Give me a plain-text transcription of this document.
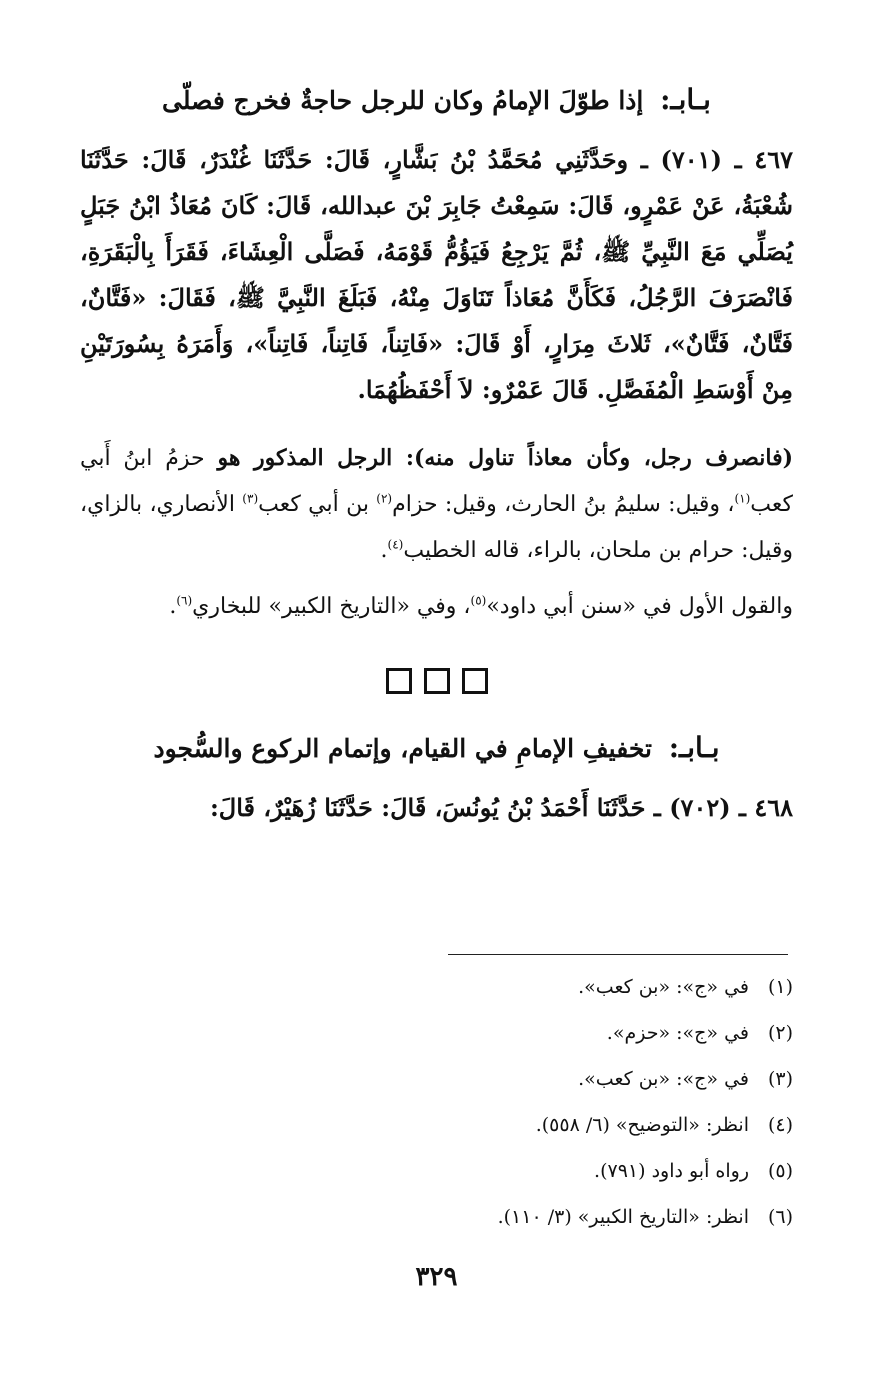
بـابـ: إذا طوّلَ الإمامُ وكان للرجل حاجةٌ فخرج فصلّى

٤٦٧ ـ (٧٠١) ـ وحَدَّثَنِي مُحَمَّدُ بْنُ بَشَّارٍ، قَالَ: حَدَّثَنَا غُنْدَرٌ، قَالَ: حَدَّثَنَا شُعْبَةُ، عَنْ عَمْرٍو، قَالَ: سَمِعْتُ جَابِرَ بْنَ عبدالله، قَالَ: كَانَ مُعَاذُ ابْنُ جَبَلٍ يُصَلِّي مَعَ النَّبِيِّ ﷺ، ثُمَّ يَرْجِعُ فَيَؤُمُّ قَوْمَهُ، فَصَلَّى الْعِشَاءَ، فَقَرَأَ بِالْبَقَرَةِ، فَانْصَرَفَ الرَّجُلُ، فَكَأَنَّ مُعَاذاً تَنَاوَلَ مِنْهُ، فَبَلَغَ النَّبِيَّ ﷺ، فَقَالَ: «فَتَّانٌ، فَتَّانٌ، فَتَّانٌ»، ثَلاثَ مِرَارٍ، أَوْ قَالَ: «فَاتِناً، فَاتِناً، فَاتِناً»، وَأَمَرَهُ بِسُورَتَيْنِ مِنْ أَوْسَطِ الْمُفَصَّلِ. قَالَ عَمْرٌو: لاَ أَحْفَظُهُمَا.

(فانصرف رجل، وكأن معاذاً تناول منه): الرجل المذكور هو حزمُ ابنُ أَبي كعب$^{(١)}$، وقيل: سليمُ بنُ الحارث، وقيل: حزام$^{(٢)}$ بن أبي كعب$^{(٣)}$ الأنصاري، بالزاي، وقيل: حرام بن ملحان، بالراء، قاله الخطيب$^{(٤)}$.

والقول الأول في «سنن أبي داود»$^{(٥)}$، وفي «التاريخ الكبير» للبخاري$^{(٦)}$.

بـابـ: تخفيفِ الإمامِ في القيام، وإتمام الركوع والسُّجود

٤٦٨ ـ (٧٠٢) ـ حَدَّثَنَا أَحْمَدُ بْنُ يُونُسَ، قَالَ: حَدَّثَنَا زُهَيْرٌ، قَالَ:

(١)في «ج»: «بن كعب».
(٢)في «ج»: «حزم».
(٣)في «ج»: «بن كعب».
(٤)انظر: «التوضيح» (٦/ ٥٥٨).
(٥)رواه أبو داود (٧٩١).
(٦)انظر: «التاريخ الكبير» (٣/ ١١٠).
٣٢٩
